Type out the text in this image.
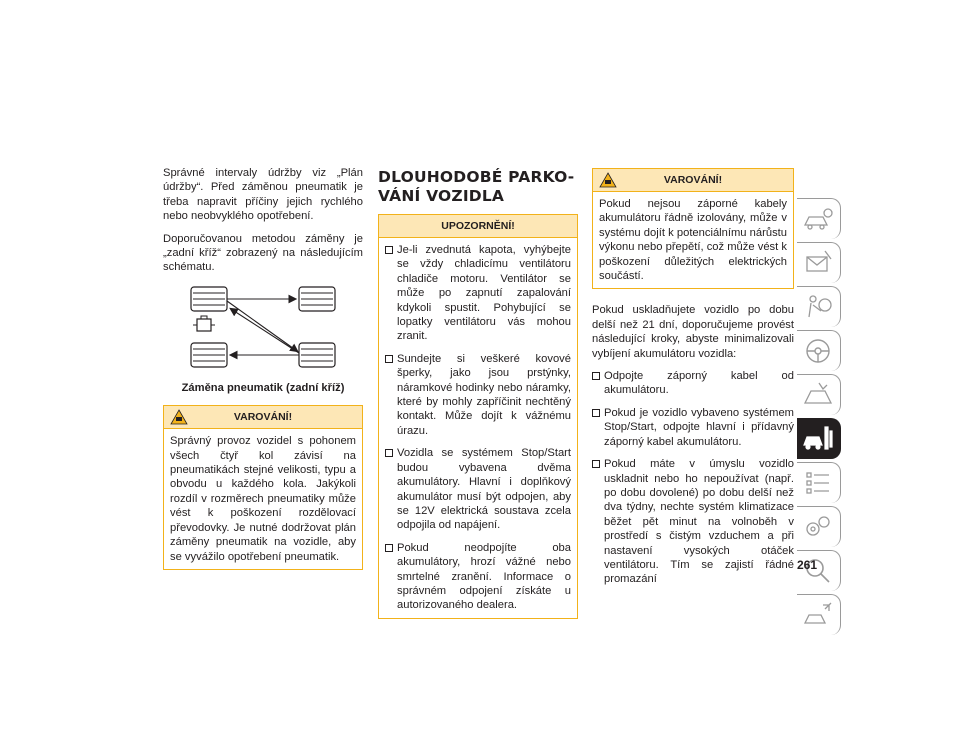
Správné intervaly údržby viz „Plán údržby“. Před záměnou pneumatik je třeba napravit příčiny jejich rychlého nebo neobvyklého opotřebení.

Doporučovanou metodou záměny je „zadní kříž“ zobrazený na následujícím schématu.

Záměna pneumatik (zadní kříž)
VAROVÁNÍ!

Správný provoz vozidel s pohonem všech čtyř kol závisí na pneumatikách stejné velikosti, typu a obvodu u každého kola. Jakýkoli rozdíl v rozměrech pneumatiky může vést k poškození rozdělovací převodovky. Je nutné dodržovat plán záměny pneumatik na vozidle, aby se vyvážilo opotřebení pneumatik.

DLOUHODOBÉ PARKO-VÁNÍ VOZIDLA
UPOZORNĚNÍ!
Je-li zvednutá kapota, vyhýbejte se vždy chladicímu ventilátoru chladiče motoru. Ventilátor se může po zapnutí zapalování kdykoli spustit. Pohybující se lopatky ventilátoru vás mohou zranit.
Sundejte si veškeré kovové šperky, jako jsou prstýnky, náramkové hodinky nebo náramky, které by mohly zapříčinit nechtěný kontakt. Může dojít k vážnému úrazu.
Vozidla se systémem Stop/Start budou vybavena dvěma akumulátory. Hlavní i doplňkový akumulátor musí být odpojen, aby se 12V elektrická soustava zcela odpojila od napájení.
Pokud neodpojíte oba akumulátory, hrozí vážné nebo smrtelné zranění. Informace o správném odpojení získáte u autorizovaného dealera.
VAROVÁNÍ!

Pokud nejsou záporné kabely akumulátoru řádně izolovány, může v systému dojít k potenciálnímu nárůstu výkonu nebo přepětí, což může vést k poškození důležitých elektrických součástí.

Pokud uskladňujete vozidlo po dobu delší než 21 dní, doporučujeme provést následující kroky, abyste minimalizovali vybíjení akumulátoru vozidla:

Odpojte záporný kabel od akumulátoru.
Pokud je vozidlo vybaveno systémem Stop/Start, odpojte hlavní i přídavný záporný kabel akumulátoru.
Pokud máte v úmyslu vozidlo uskladnit nebo ho nepoužívat (např. po dobu dovolené) po dobu delší než dva týdny, nechte systém klimatizace běžet pět minut na volnoběh v prostředí s čistým vzduchem a při nastavení vysokých otáček ventilátoru. Tím se zajistí řádné promazání
261
